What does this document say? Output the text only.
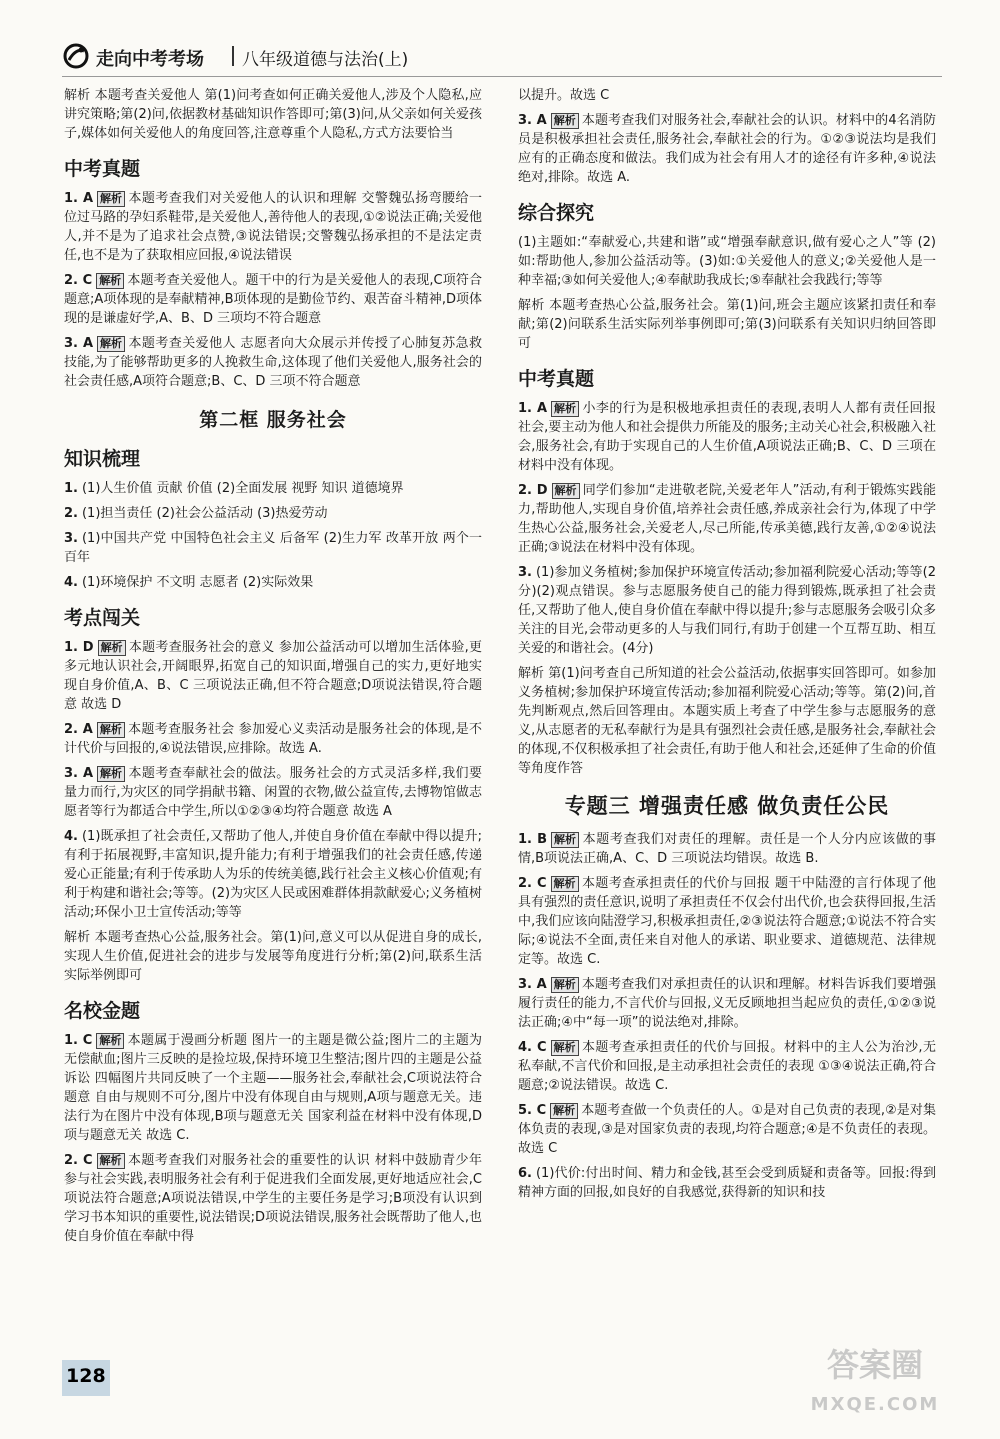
走向中考考场 八年级道德与法治(上)

解析 本题考查关爱他人 第(1)问考查如何正确关爱他人,涉及个人隐私,应讲究策略;第(2)问,依据教材基础知识作答即可;第(3)问,从父亲如何关爱孩子,媒体如何关爱他人的角度回答,注意尊重个人隐私,方式方法要恰当

中考真题

1. A 解析 本题考查我们对关爱他人的认识和理解 交警魏弘扬弯腰给一位过马路的孕妇系鞋带,是关爱他人,善待他人的表现,①②说法正确;关爱他人,并不是为了追求社会点赞,③说法错误;交警魏弘扬承担的不是法定责任,也不是为了获取相应回报,④说法错误

2. C 解析 本题考查关爱他人。题干中的行为是关爱他人的表现,C项符合题意;A项体现的是奉献精神,B项体现的是勤俭节约、艰苦奋斗精神,D项体现的是谦虚好学,A、B、D 三项均不符合题意

3. A 解析 本题考查关爱他人 志愿者向大众展示并传授了心肺复苏急救技能,为了能够帮助更多的人挽救生命,这体现了他们关爱他人,服务社会的社会责任感,A项符合题意;B、C、D 三项不符合题意

第二框 服务社会
知识梳理

1. (1)人生价值 贡献 价值 (2)全面发展 视野 知识 道德境界

2. (1)担当责任 (2)社会公益活动 (3)热爱劳动

3. (1)中国共产党 中国特色社会主义 后备军 (2)生力军 改革开放 两个一百年

4. (1)环境保护 不文明 志愿者 (2)实际效果

考点闯关

1. D 解析 本题考查服务社会的意义 参加公益活动可以增加生活体验,更多元地认识社会,开阔眼界,拓宽自己的知识面,增强自己的实力,更好地实现自身价值,A、B、C 三项说法正确,但不符合题意;D项说法错误,符合题意 故选 D

2. A 解析 本题考查服务社会 参加爱心义卖活动是服务社会的体现,是不计代价与回报的,④说法错误,应排除。故选 A.

3. A 解析 本题考查奉献社会的做法。服务社会的方式灵活多样,我们要量力而行,为灾区的同学捐献书籍、闲置的衣物,做公益宣传,去博物馆做志愿者等行为都适合中学生,所以①②③④均符合题意 故选 A

4. (1)既承担了社会责任,又帮助了他人,并使自身价值在奉献中得以提升;有利于拓展视野,丰富知识,提升能力;有利于增强我们的社会责任感,传递爱心正能量;有利于传承助人为乐的传统美德,践行社会主义核心价值观;有利于构建和谐社会;等等。(2)为灾区人民或困难群体捐款献爱心;义务植树活动;环保小卫士宣传活动;等等

解析 本题考查热心公益,服务社会。第(1)问,意义可以从促进自身的成长,实现人生价值,促进社会的进步与发展等角度进行分析;第(2)问,联系生活实际举例即可

名校金题

1. C 解析 本题属于漫画分析题 图片一的主题是微公益;图片二的主题为无偿献血;图片三反映的是捡垃圾,保持环境卫生整洁;图片四的主题是公益诉讼 四幅图片共同反映了一个主题——服务社会,奉献社会,C项说法符合题意 自由与规则不可分,图片中没有体现自由与规则,A项与题意无关。违法行为在图片中没有体现,B项与题意无关 国家利益在材料中没有体现,D项与题意无关 故选 C.

2. C 解析 本题考查我们对服务社会的重要性的认识 材料中鼓励青少年参与社会实践,表明服务社会有利于促进我们全面发展,更好地适应社会,C项说法符合题意;A项说法错误,中学生的主要任务是学习;B项没有认识到学习书本知识的重要性,说法错误;D项说法错误,服务社会既帮助了他人,也使自身价值在奉献中得

以提升。故选 C

3. A 解析 本题考查我们对服务社会,奉献社会的认识。材料中的4名消防员是积极承担社会责任,服务社会,奉献社会的行为。①②③说法均是我们应有的正确态度和做法。我们成为社会有用人才的途径有许多种,④说法绝对,排除。故选 A.

综合探究

(1)主题如:“奉献爱心,共建和谐”或“增强奉献意识,做有爱心之人”等 (2)如:帮助他人,参加公益活动等。(3)如:①关爱他人的意义;②关爱他人是一种幸福;③如何关爱他人;④奉献助我成长;⑤奉献社会我践行;等等

解析 本题考查热心公益,服务社会。第(1)问,班会主题应该紧扣责任和奉献;第(2)问联系生活实际列举事例即可;第(3)问联系有关知识归纳回答即可

中考真题

1. A 解析 小李的行为是积极地承担责任的表现,表明人人都有责任回报社会,要主动为他人和社会提供力所能及的服务;主动关心社会,积极融入社会,服务社会,有助于实现自己的人生价值,A项说法正确;B、C、D 三项在材料中没有体现。

2. D 解析 同学们参加“走进敬老院,关爱老年人”活动,有利于锻炼实践能力,帮助他人,实现自身价值,培养社会责任感,养成亲社会行为,体现了中学生热心公益,服务社会,关爱老人,尽己所能,传承美德,践行友善,①②④说法正确;③说法在材料中没有体现。

3. (1)参加义务植树;参加保护环境宣传活动;参加福利院爱心活动;等等(2分)(2)观点错误。参与志愿服务使自己的能力得到锻炼,既承担了社会责任,又帮助了他人,使自身价值在奉献中得以提升;参与志愿服务会吸引众多关注的目光,会带动更多的人与我们同行,有助于创建一个互帮互助、相互关爱的和谐社会。(4分)

解析 第(1)问考查自己所知道的社会公益活动,依据事实回答即可。如参加义务植树;参加保护环境宣传活动;参加福利院爱心活动;等等。第(2)问,首先判断观点,然后回答理由。本题实质上考查了中学生参与志愿服务的意义,从志愿者的无私奉献行为是具有强烈社会责任感,是服务社会,奉献社会的体现,不仅积极承担了社会责任,有助于他人和社会,还延伸了生命的价值等角度作答

专题三 增强责任感 做负责任公民

1. B 解析 本题考查我们对责任的理解。责任是一个人分内应该做的事情,B项说法正确,A、C、D 三项说法均错误。故选 B.

2. C 解析 本题考查承担责任的代价与回报 题干中陆澄的言行体现了他具有强烈的责任意识,说明了承担责任不仅会付出代价,也会获得回报,生活中,我们应该向陆澄学习,积极承担责任,②③说法符合题意;①说法不符合实际;④说法不全面,责任来自对他人的承诺、职业要求、道德规范、法律规定等。故选 C.

3. A 解析 本题考查我们对承担责任的认识和理解。材料告诉我们要增强履行责任的能力,不言代价与回报,义无反顾地担当起应负的责任,①②③说法正确;④中“每一项”的说法绝对,排除。

4. C 解析 本题考查承担责任的代价与回报。材料中的主人公为治沙,无私奉献,不言代价和回报,是主动承担社会责任的表现 ①③④说法正确,符合题意;②说法错误。故选 C.

5. C 解析 本题考查做一个负责任的人。①是对自己负责的表现,②是对集体负责的表现,③是对国家负责的表现,均符合题意;④是不负责任的表现。故选 C

6. (1)代价:付出时间、精力和金钱,甚至会受到质疑和责备等。回报:得到精神方面的回报,如良好的自我感觉,获得新的知识和技

128	答案圈
MXQE.COM
